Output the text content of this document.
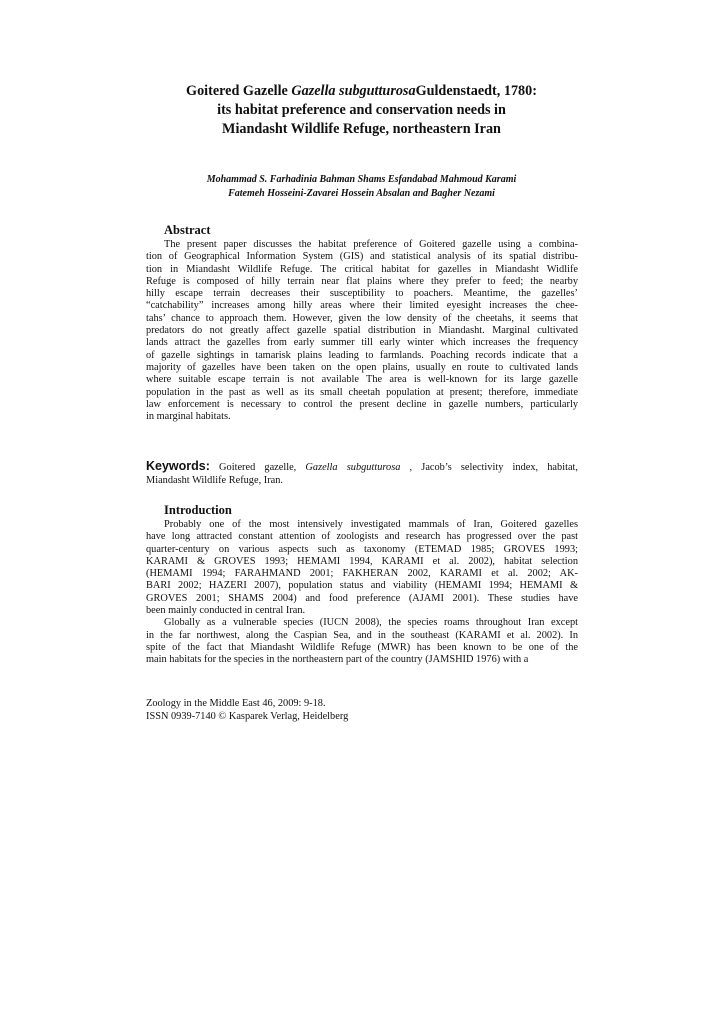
Goitered Gazelle Gazella subgutturosaGuldenstaedt, 1780:
its habitat preference and conservation needs in
Miandasht Wildlife Refuge, northeastern Iran
Mohammad S. Farhadinia Bahman Shams Esfandabad Mahmoud Karami
Fatemeh Hosseini-Zavarei Hossein Absalan and Bagher Nezami
Abstract
The present paper discusses the habitat preference of Goitered gazelle using a combina-
tion of Geographical Information System (GIS) and statistical analysis of its spatial distribu-
tion in Miandasht Wildlife Refuge. The critical habitat for gazelles in Miandasht Widlife
Refuge is composed of hilly terrain near flat plains where they prefer to feed; the nearby
hilly escape terrain decreases their susceptibility to poachers. Meantime, the gazelles’
“catchability” increases among hilly areas where their limited eyesight increases the chee-
tahs’ chance to approach them. However, given the low density of the cheetahs, it seems that
predators do not greatly affect gazelle spatial distribution in Miandasht. Marginal cultivated
lands attract the gazelles from early summer till early winter which increases the frequency
of gazelle sightings in tamarisk plains leading to farmlands. Poaching records indicate that a
majority of gazelles have been taken on the open plains, usually en route to cultivated lands
where suitable escape terrain is not available The area is well-known for its large gazelle
population in the past as well as its small cheetah population at present; therefore, immediate
law enforcement is necessary to control the present decline in gazelle numbers, particularly
in marginal habitats.
Keywords: Goitered gazelle, Gazella subgutturosa , Jacob’s selectivity index, habitat,
Miandasht Wildlife Refuge, Iran.
Introduction
Probably one of the most intensively investigated mammals of Iran, Goitered gazelles
have long attracted constant attention of zoologists and research has progressed over the past
quarter-century on various aspects such as taxonomy (ETEMAD 1985; GROVES 1993;
KARAMI & GROVES 1993; HEMAMI 1994, KARAMI et al. 2002), habitat selection
(HEMAMI 1994; FARAHMAND 2001; FAKHERAN 2002, KARAMI et al. 2002; AK-
BARI 2002; HAZERI 2007), population status and viability (HEMAMI 1994; HEMAMI &
GROVES 2001; SHAMS 2004) and food preference (AJAMI 2001). These studies have
been mainly conducted in central Iran.
Globally as a vulnerable species (IUCN 2008), the species roams throughout Iran except
in the far northwest, along the Caspian Sea, and in the southeast (KARAMI et al. 2002). In
spite of the fact that Miandasht Wildlife Refuge (MWR) has been known to be one of the
main habitats for the species in the northeastern part of the country (JAMSHID 1976) with a
Zoology in the Middle East 46, 2009: 9-18.
ISSN 0939-7140 © Kasparek Verlag, Heidelberg
